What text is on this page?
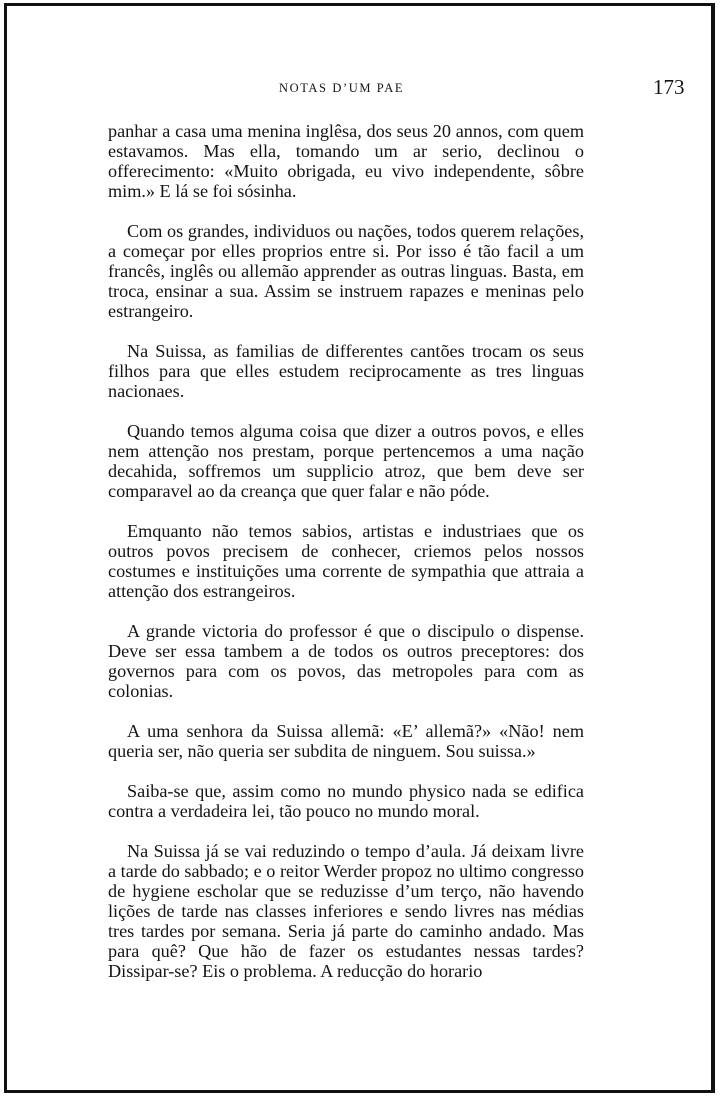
NOTAS D’UM PAE	173

panhar a casa uma menina inglêsa, dos seus 20 annos, com quem estavamos. Mas ella, tomando um ar serio, declinou o offerecimento: «Muito obrigada, eu vivo independente, sôbre mim.» E lá se foi sósinha.

Com os grandes, individuos ou nações, todos querem relações, a começar por elles proprios entre si. Por isso é tão facil a um francês, inglês ou allemão apprender as outras linguas. Basta, em troca, ensinar a sua. Assim se instruem rapazes e meninas pelo estrangeiro.

Na Suissa, as familias de differentes cantões trocam os seus filhos para que elles estudem reciprocamente as tres linguas nacionaes.

Quando temos alguma coisa que dizer a outros povos, e elles nem attenção nos prestam, porque pertencemos a uma nação decahida, soffremos um supplicio atroz, que bem deve ser comparavel ao da creança que quer falar e não póde.

Emquanto não temos sabios, artistas e industriaes que os outros povos precisem de conhecer, criemos pelos nossos costumes e instituições uma corrente de sympathia que attraia a attenção dos estrangeiros.

A grande victoria do professor é que o discipulo o dispense. Deve ser essa tambem a de todos os outros preceptores: dos governos para com os povos, das metropoles para com as colonias.

A uma senhora da Suissa allemã: «E’ allemã?» «Não! nem queria ser, não queria ser subdita de ninguem. Sou suissa.»

Saiba-se que, assim como no mundo physico nada se edifica contra a verdadeira lei, tão pouco no mundo moral.

Na Suissa já se vai reduzindo o tempo d’aula. Já deixam livre a tarde do sabbado; e o reitor Werder propoz no ultimo congresso de hygiene escholar que se reduzisse d’um terço, não havendo lições de tarde nas classes inferiores e sendo livres nas médias tres tardes por semana. Seria já parte do caminho andado. Mas para quê? Que hão de fazer os estudantes nessas tardes? Dissipar-se? Eis o problema. A reducção do horario
